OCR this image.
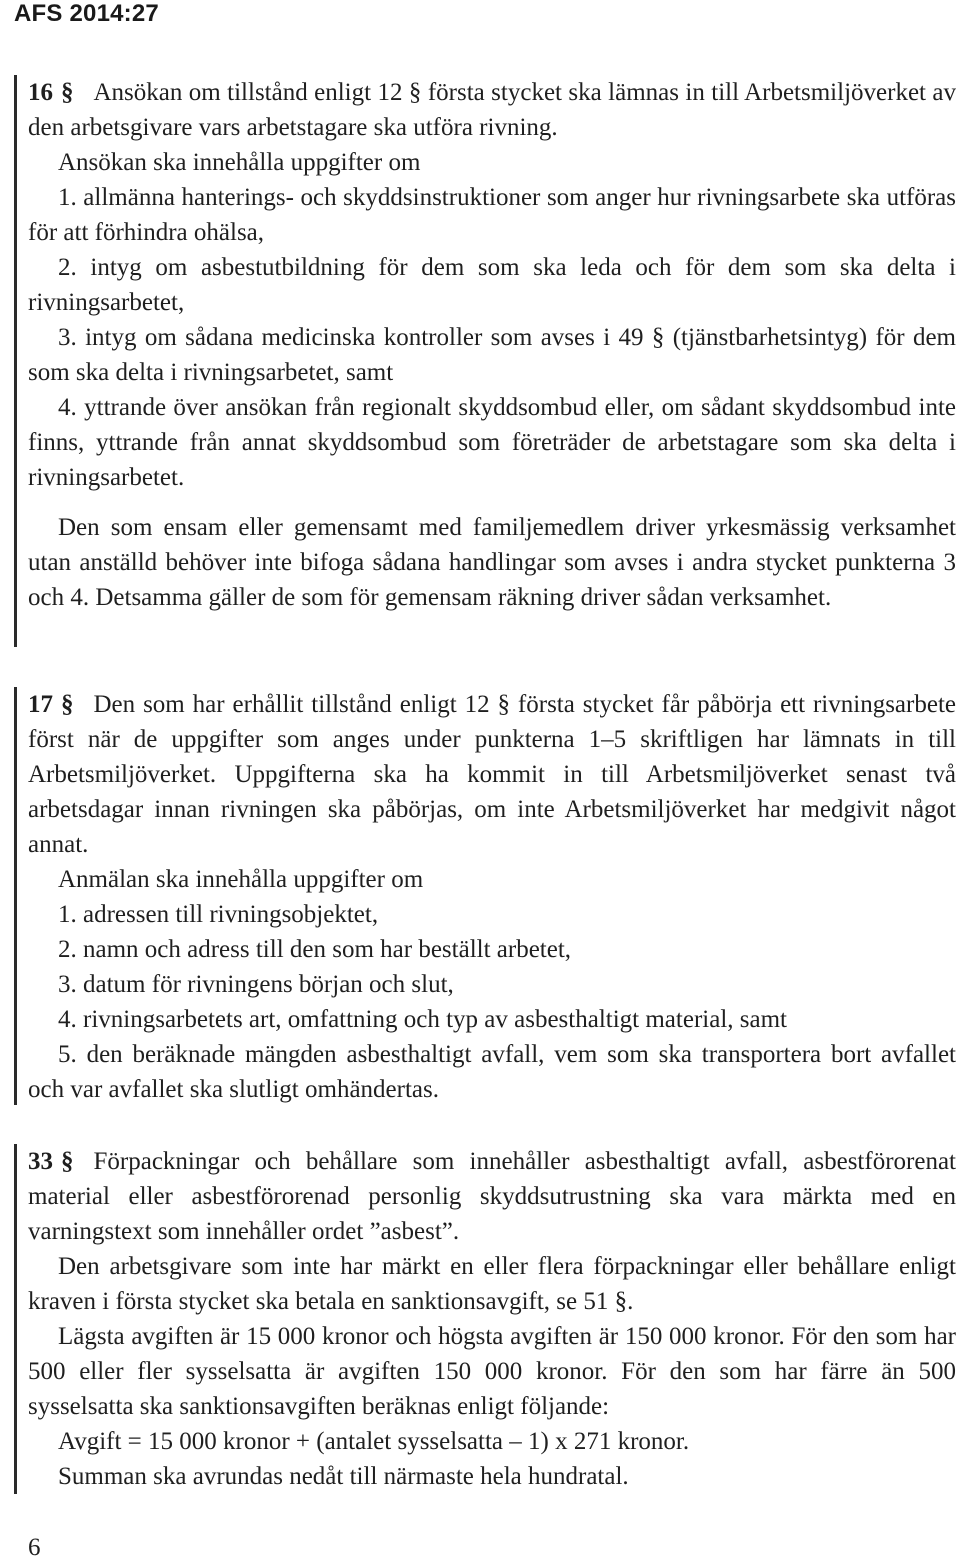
AFS 2014:27

16 § Ansökan om tillstånd enligt 12 § första stycket ska lämnas in till Arbetsmiljöverket av den arbetsgivare vars arbetstagare ska utföra rivning.

Ansökan ska innehålla uppgifter om

1. allmänna hanterings- och skyddsinstruktioner som anger hur rivningsarbete ska utföras för att förhindra ohälsa,

2. intyg om asbestutbildning för dem som ska leda och för dem som ska delta i rivningsarbetet,

3. intyg om sådana medicinska kontroller som avses i 49 § (tjänstbarhetsintyg) för dem som ska delta i rivningsarbetet, samt

4. yttrande över ansökan från regionalt skyddsombud eller, om sådant skyddsombud inte finns, yttrande från annat skyddsombud som företräder de arbetstagare som ska delta i rivningsarbetet.

Den som ensam eller gemensamt med familjemedlem driver yrkesmässig verksamhet utan anställd behöver inte bifoga sådana handlingar som avses i andra stycket punkterna 3 och 4. Detsamma gäller de som för gemensam räkning driver sådan verksamhet.

17 § Den som har erhållit tillstånd enligt 12 § första stycket får påbörja ett rivningsarbete först när de uppgifter som anges under punkterna 1–5 skriftligen har lämnats in till Arbetsmiljöverket. Uppgifterna ska ha kommit in till Arbetsmiljöverket senast två arbetsdagar innan rivningen ska påbörjas, om inte Arbetsmiljöverket har medgivit något annat.

Anmälan ska innehålla uppgifter om

1. adressen till rivningsobjektet,

2. namn och adress till den som har beställt arbetet,

3. datum för rivningens början och slut,

4. rivningsarbetets art, omfattning och typ av asbesthaltigt material, samt

5. den beräknade mängden asbesthaltigt avfall, vem som ska transportera bort avfallet och var avfallet ska slutligt omhändertas.

33 § Förpackningar och behållare som innehåller asbesthaltigt avfall, asbestförorenat material eller asbestförorenad personlig skyddsutrustning ska vara märkta med en varningstext som innehåller ordet ”asbest”.

Den arbetsgivare som inte har märkt en eller flera förpackningar eller behållare enligt kraven i första stycket ska betala en sanktionsavgift, se 51 §.

Lägsta avgiften är 15 000 kronor och högsta avgiften är 150 000 kronor. För den som har 500 eller fler sysselsatta är avgiften 150 000 kronor. För den som har färre än 500 sysselsatta ska sanktionsavgiften beräknas enligt följande:

Avgift = 15 000 kronor + (antalet sysselsatta – 1) x 271 kronor.

Summan ska avrundas nedåt till närmaste hela hundratal.

6
